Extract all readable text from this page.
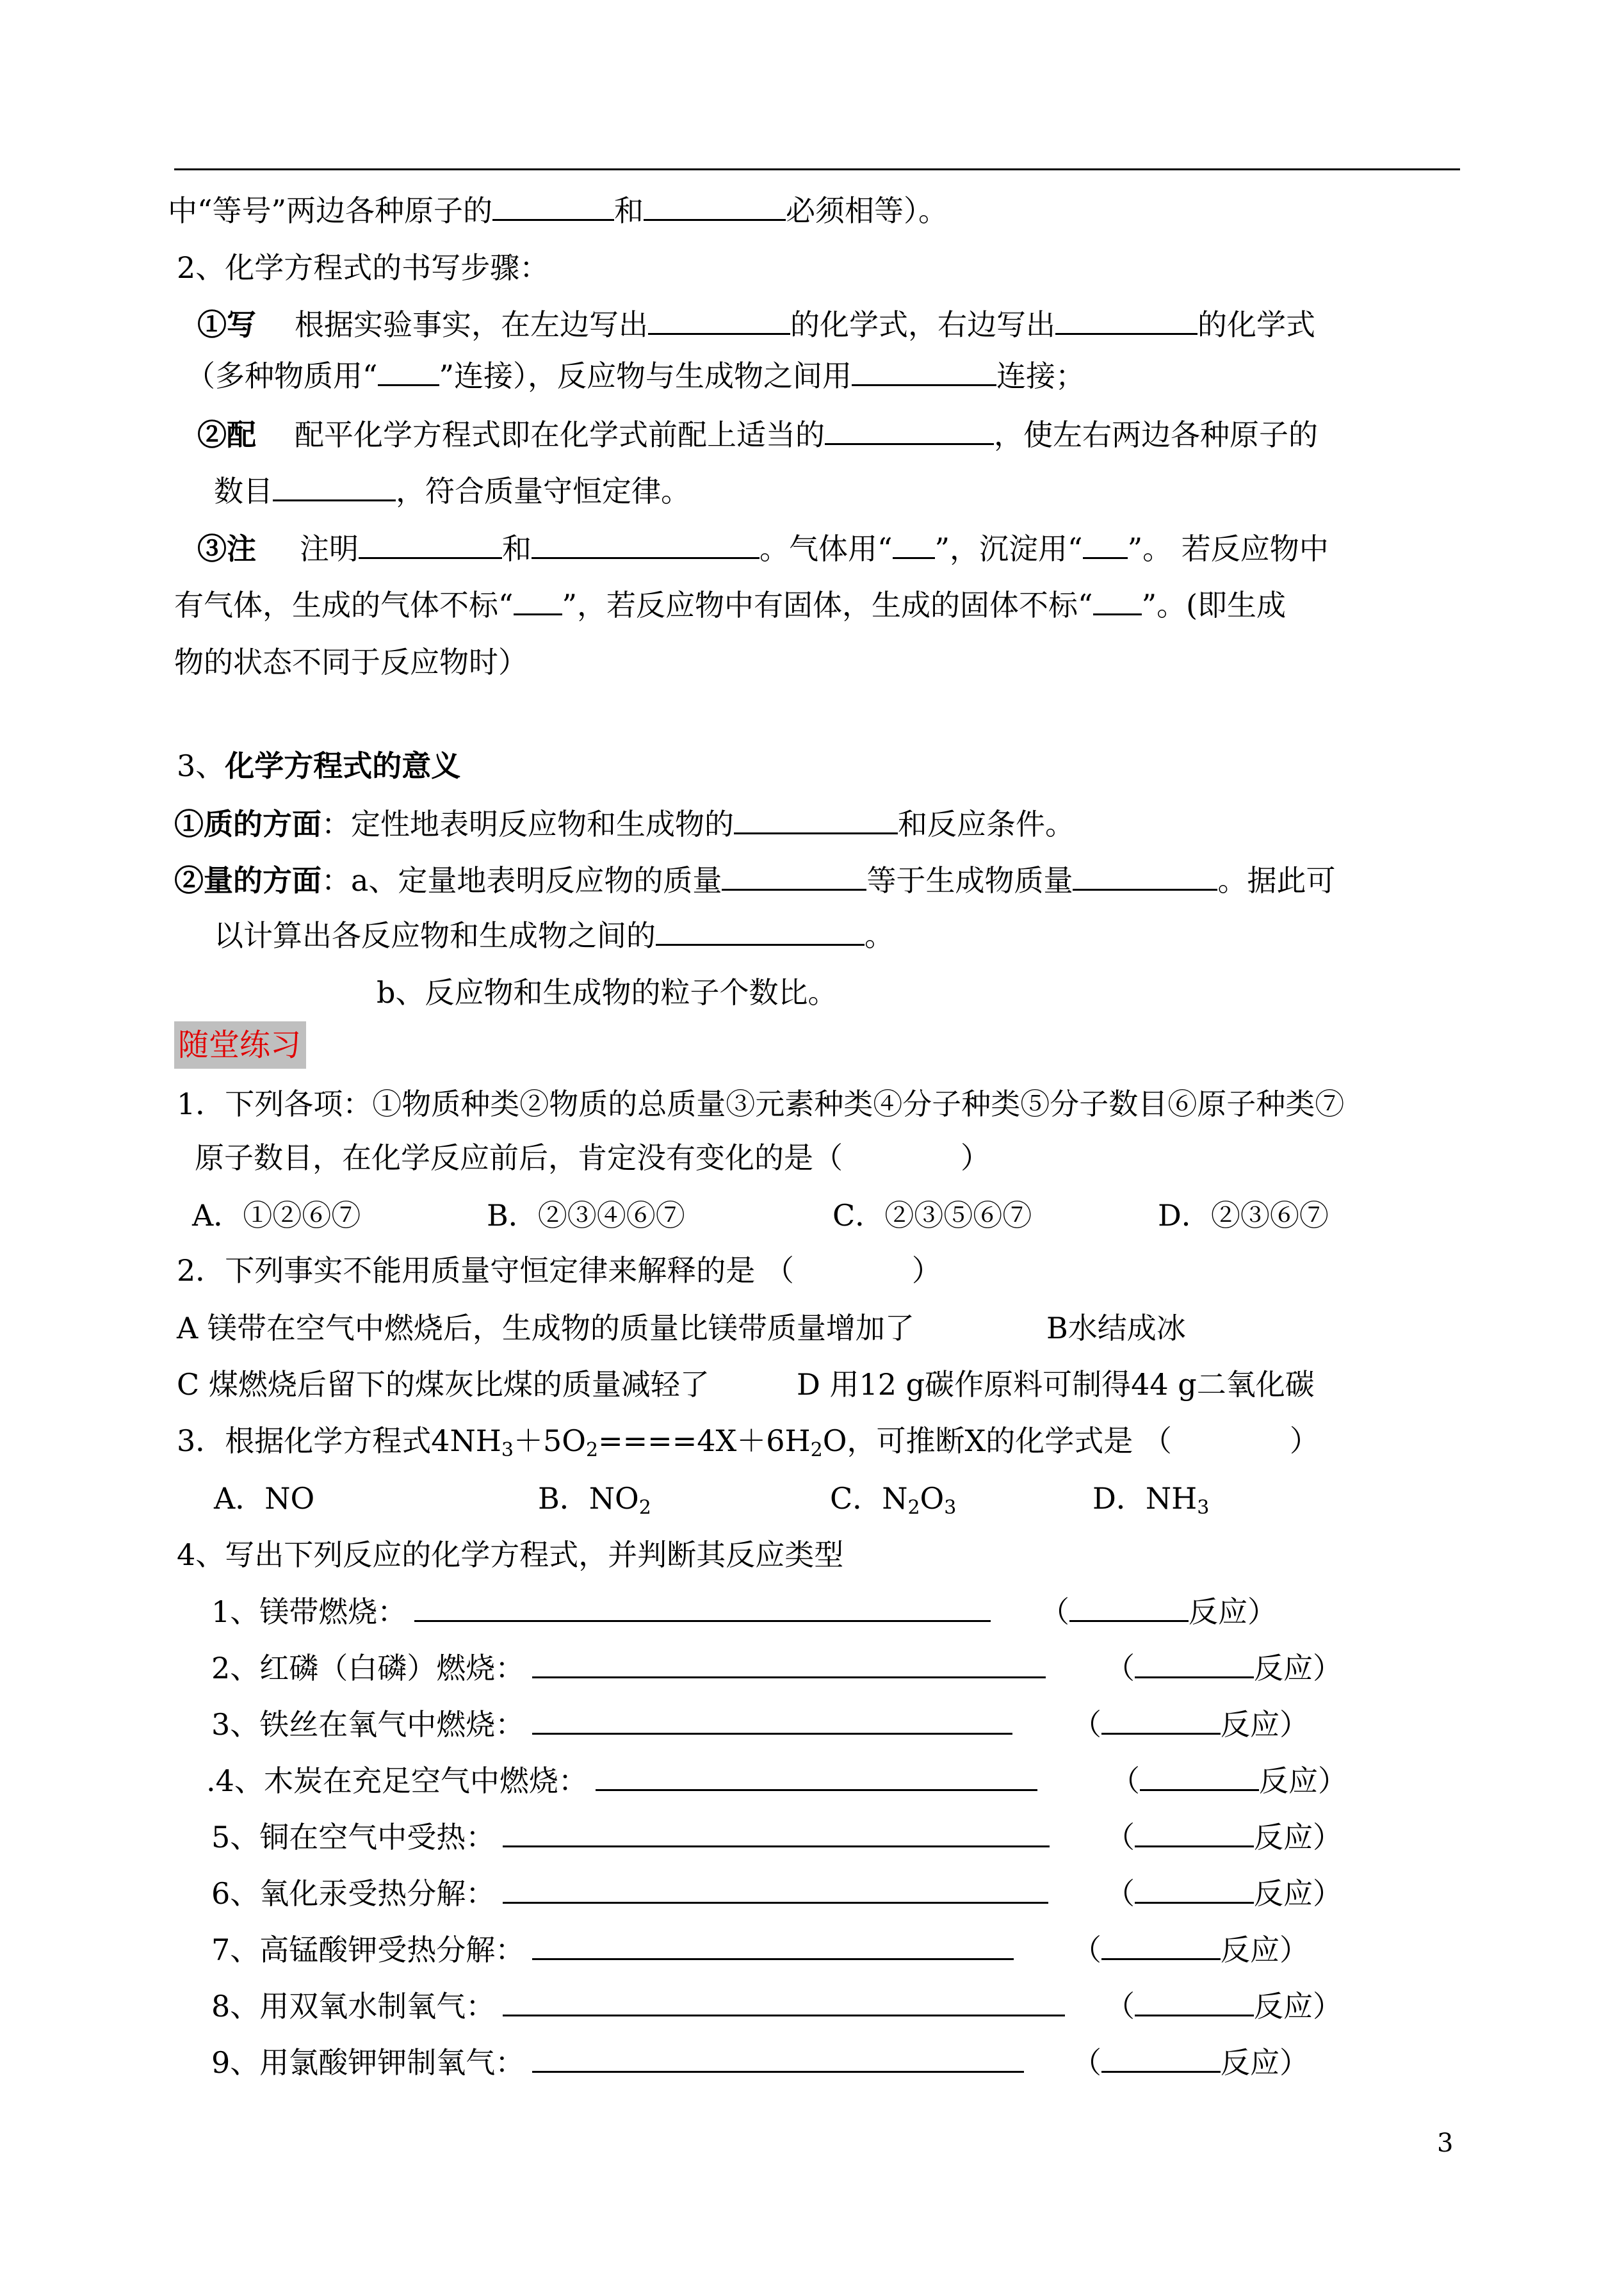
中“等号”两边各种原子的	和	必须相等）。
2、化学方程式的书写步骤：
①写 根据实验事实，在左边写出	的化学式，右边写出	的化学式
（多种物质用“ ”连接），反应物与生成物之间用	连接；
②配 配平化学方程式即在化学式前配上适当的	，使左右两边各种原子的
数目	，符合质量守恒定律。
③注 注明	和	。气体用“ ”，沉淀用“ ”。 若反应物中
有气体，生成的气体不标“ ”，若反应物中有固体，生成的固体不标“ ”。(即生成
物的状态不同于反应物时）
3、化学方程式的意义
①质的方面：定性地表明反应物和生成物的	和反应条件。
②量的方面：a、定量地表明反应物的质量	等于生成物质量	。据此可
以计算出各反应物和生成物之间的	。
b、反应物和生成物的粒子个数比。
随堂练习
1．下列各项：①物质种类②物质的总质量③元素种类④分子种类⑤分子数目⑥原子种类⑦
原子数目，在化学反应前后，肯定没有变化的是（　　　　）
A．①②⑥⑦	B．②③④⑥⑦	C．②③⑤⑥⑦	D．②③⑥⑦
2．下列事实不能用质量守恒定律来解释的是 （　　　　）
A 镁带在空气中燃烧后，生成物的质量比镁带质量增加了	B水结成冰
C 煤燃烧后留下的煤灰比煤的质量减轻了	D 用12 g碳作原料可制得44 g二氧化碳
3．根据化学方程式$4NH_3+5O_2====4X+6H_2O$，可推断X的化学式是 （　　　　）
A．NO	B．$NO_2$	C．$N_2O_3$	D．$NH_3$
4、写出下列反应的化学方程式，并判断其反应类型
1、镁带燃烧：	（	反应）
2、红磷（白磷）燃烧：	（	反应）
3、铁丝在氧气中燃烧：	（	反应）
.4、木炭在充足空气中燃烧：	（	反应）
5、铜在空气中受热：	（	反应）
6、氧化汞受热分解：	（	反应）
7、高锰酸钾受热分解：	（	反应）
8、用双氧水制氧气：	（	反应）
9、用氯酸钾钾制氧气：	（	反应）
3
